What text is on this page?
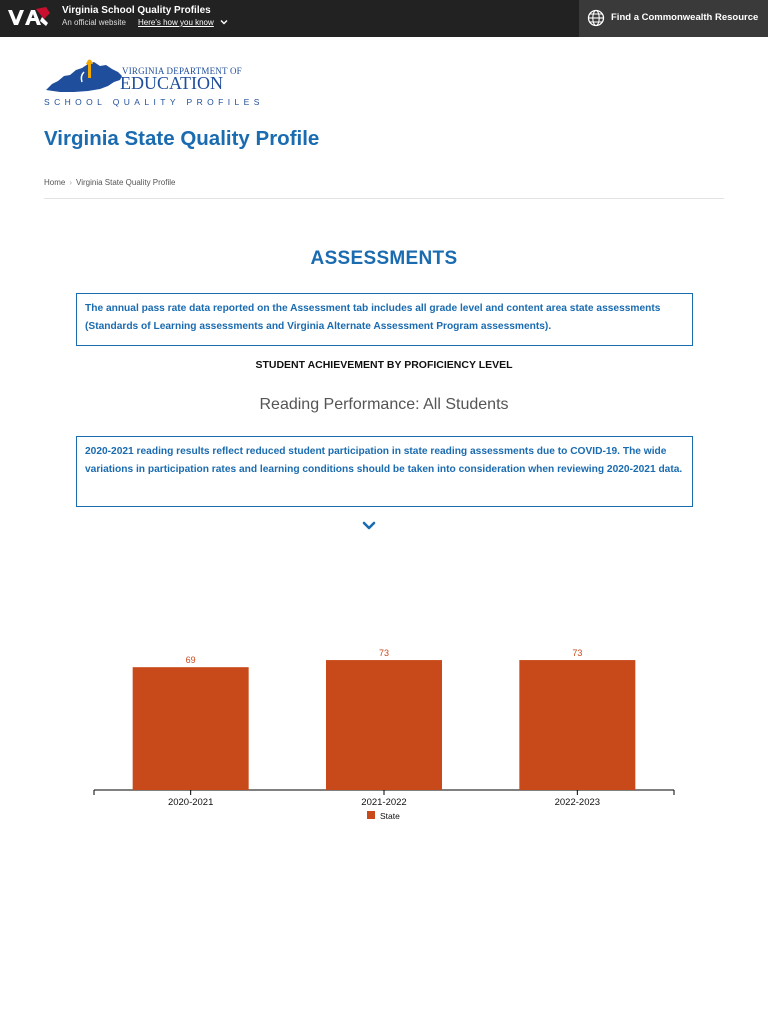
Virginia School Quality Profiles
An official website Here's how you know	Find a Commonwealth Resource
VIRGINIA DEPARTMENT OF
EDUCATION
SCHOOL QUALITY PROFILES
Virginia State Quality Profile
Home › Virginia State Quality Profile
ASSESSMENTS
The annual pass rate data reported on the Assessment tab includes all grade level and content area state assessments (Standards of Learning assessments and Virginia Alternate Assessment Program assessments).
STUDENT ACHIEVEMENT BY PROFICIENCY LEVEL
Reading Performance: All Students
2020-2021 reading results reflect reduced student participation in state reading assessments due to COVID-19. The wide variations in participation rates and learning conditions should be taken into consideration when reviewing 2020-2021 data.
69
2020-2021
73
2021-2022
73
2022-2023
State
